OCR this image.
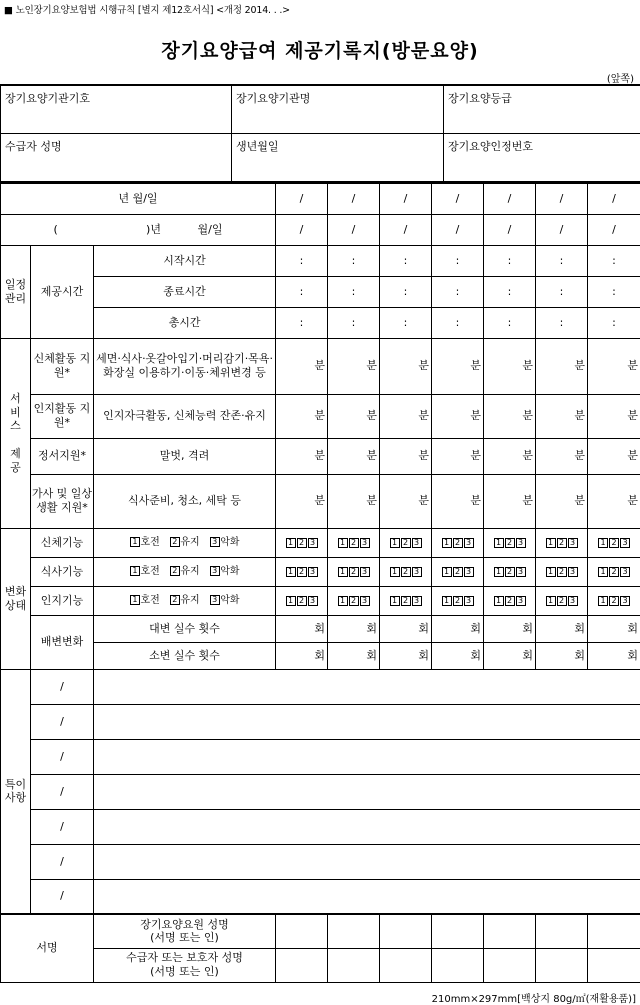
■ 노인장기요양보험법 시행규칙 [별지 제12호서식] <개정 2014. . .>
장기요양급여 제공기록지(방문요양)
(앞쪽)
장기요양기관기호	장기요양기관명	장기요양등급
수급자 성명	생년월일	장기요양인정번호
년 월/일			/	/	/	/	/	/	/
( )년 월/일			/	/	/	/	/	/	/

일정
관리	제공시간	시작시간	:	:	:	:	:	:	:
		종료시간	:	:	:	:	:	:	:
		총시간	:	:	:	:	:	:	:

서
비
스

제
공	신체활동 지원*	세면·식사·옷갈아입기·머리감기·목욕·화장실 이용하기·이동·체위변경 등	분	분	분	분	분	분	분
	인지활동 지원*	인지자극활동, 신체능력 잔존·유지	분	분	분	분	분	분	분
	정서지원*	말벗, 격려	분	분	분	분	분	분	분
	가사 및 일상생활 지원*	식사준비, 청소, 세탁 등	분	분	분	분	분	분	분

변화
상태	신체기능	1 호전 2 유지 3 악화	1 2 3	1 2 3	1 2 3	1 2 3	1 2 3	1 2 3	1 2 3
	식사기능	1 호전 2 유지 3 악화	1 2 3	1 2 3	1 2 3	1 2 3	1 2 3	1 2 3	1 2 3
	인지기능	1 호전 2 유지 3 악화	1 2 3	1 2 3	1 2 3	1 2 3	1 2 3	1 2 3	1 2 3
	배변변화	대변 실수 횟수	회	회	회	회	회	회	회
		소변 실수 횟수	회	회	회	회	회	회	회

특이
사항	/								
	/								
	/								
	/								
	/								
	/								
	/								
서명		장기요양요원 성명
(서명 또는 인)							

		수급자 또는 보호자 성명
(서명 또는 인)							

210mm×297mm[백상지 80g/㎡(재활용품)]
